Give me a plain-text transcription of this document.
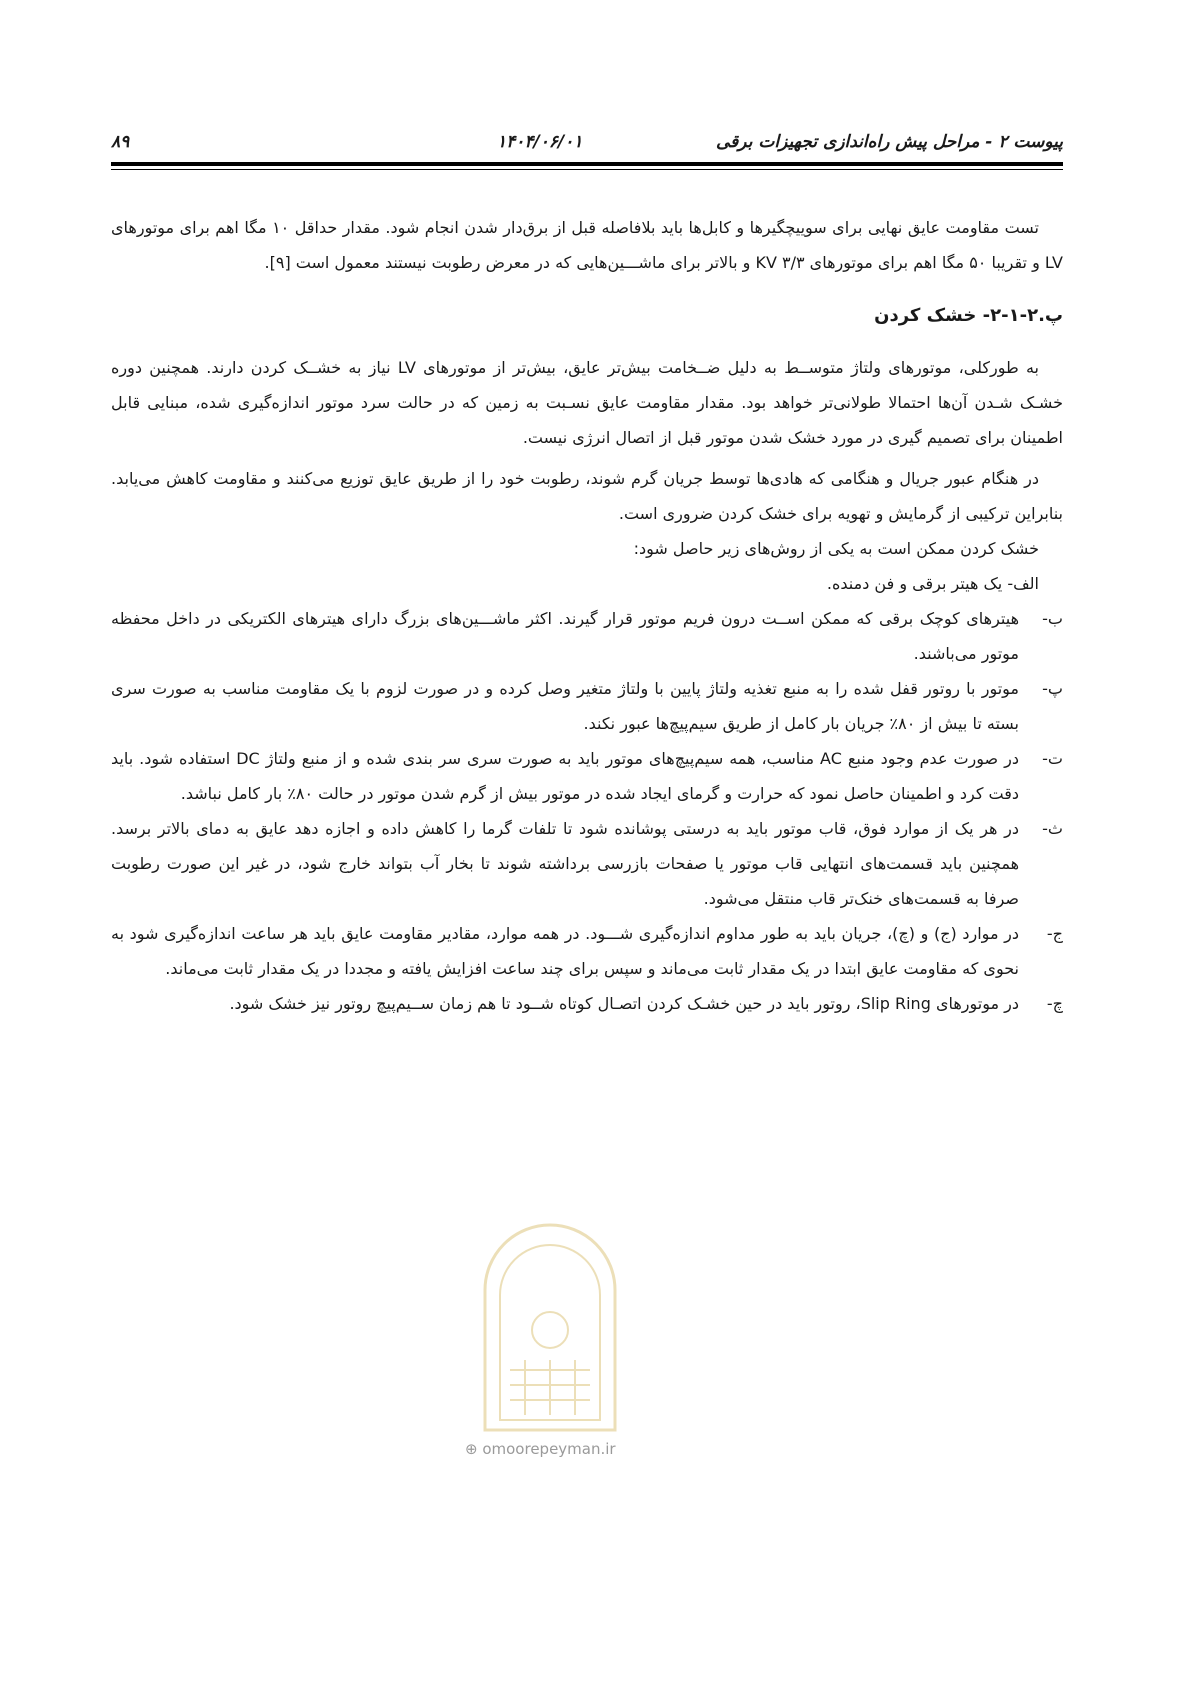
پیوست ۲ - مراحل پیش راه‌اندازی تجهیزات برقی
۱۴۰۴/۰۶/۰۱
۸۹

تست مقاومت عایق نهایی برای سوییچگیرها و کابل‌ها باید بلافاصله قبل از برق‌دار شدن انجام شود. مقدار حداقل ۱۰ مگا اهم برای موتورهای LV و تقریبا ۵۰ مگا اهم برای موتورهای ۳/۳ KV و بالاتر برای ماشـــین‌هایی که در معرض رطوبت نیستند معمول است [۹].

پ.۲-۱-۲- خشک کردن

به طورکلی، موتورهای ولتاژ متوســط به دلیل ضــخامت بیش‌تر عایق، بیش‌تر از موتورهای LV نیاز به خشــک کردن دارند. همچنین دوره خشـک شـدن آن‌ها احتمالا طولانی‌تر خواهد بود. مقدار مقاومت عایق نسـبت به زمین که در حالت سرد موتور اندازه‌گیری شده، مبنایی قابل اطمینان برای تصمیم گیری در مورد خشک شدن موتور قبل از اتصال انرژی نیست.

در هنگام عبور جریال و هنگامی که هادی‌ها توسط جریان گرم شوند، رطوبت خود را از طریق عایق توزیع می‌کنند و مقاومت کاهش می‌یابد. بنابراین ترکیبی از گرمایش و تهویه برای خشک کردن ضروری است.

خشک کردن ممکن است به یکی از روش‌های زیر حاصل شود:

الف- یک هیتر برقی و فن دمنده.

ب-
هیترهای کوچک برقی که ممکن اســت درون فریم موتور قرار گیرند. اکثر ماشـــین‌های بزرگ دارای هیترهای الکتریکی در داخل محفظه موتور می‌باشند.
پ-
موتور با روتور قفل شده را به منبع تغذیه ولتاژ پایین با ولتاژ متغیر وصل کرده و در صورت لزوم با یک مقاومت مناسب به صورت سری بسته تا بیش از ۸۰٪ جریان بار کامل از طریق سیم‌پیچ‌ها عبور نکند.
ت-
در صورت عدم وجود منبع AC مناسب، همه سیم‌پیچ‌های موتور باید به صورت سری سر بندی شده و از منبع ولتاژ DC استفاده شود. باید دقت کرد و اطمینان حاصل نمود که حرارت و گرمای ایجاد شده در موتور بیش از گرم شدن موتور در حالت ۸۰٪ بار کامل نباشد.
ث-
در هر یک از موارد فوق، قاب موتور باید به درستی پوشانده شود تا تلفات گرما را کاهش داده و اجازه دهد عایق به دمای بالاتر برسد. همچنین باید قسمت‌های انتهایی قاب موتور یا صفحات بازرسی برداشته شوند تا بخار آب بتواند خارج شود، در غیر این صورت رطوبت صرفا به قسمت‌های خنک‌تر قاب منتقل می‌شود.
ج-
در موارد (ج) و (چ)، جریان باید به طور مداوم اندازه‌گیری شـــود. در همه موارد، مقادیر مقاومت عایق باید هر ساعت اندازه‌گیری شود به نحوی که مقاومت عایق ابتدا در یک مقدار ثابت می‌ماند و سپس برای چند ساعت افزایش یافته و مجددا در یک مقدار ثابت می‌ماند.
چ-
در موتورهای Slip Ring، روتور باید در حین خشـک کردن اتصـال کوتاه شــود تا هم زمان ســیم‌پیچ روتور نیز خشک شود.
⊕ omoorepeyman.ir
